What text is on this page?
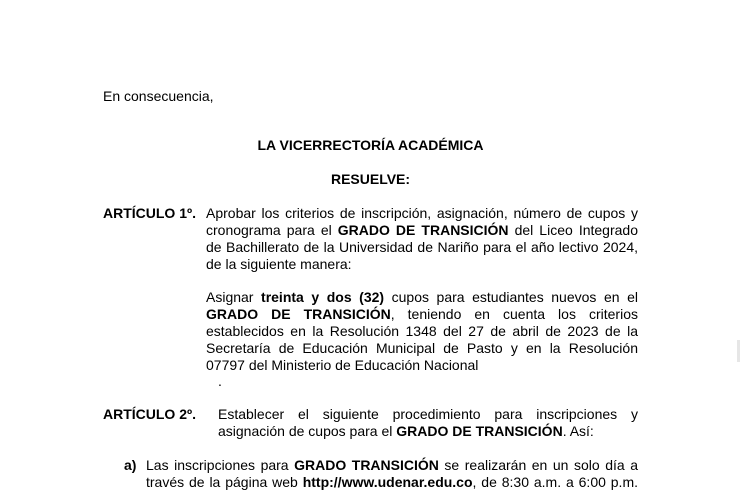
En consecuencia,
LA VICERRECTORÍA ACADÉMICA
RESUELVE:
ARTÍCULO 1º. Aprobar los criterios de inscripción, asignación, número de cupos y
cronograma para el GRADO DE TRANSICIÓN del Liceo Integrado
de Bachillerato de la Universidad de Nariño para el año lectivo 2024,
de la siguiente manera:
Asignar treinta y dos (32) cupos para estudiantes nuevos en el
GRADO DE TRANSICIÓN, teniendo en cuenta los criterios
establecidos en la Resolución 1348 del 27 de abril de 2023 de la
Secretaría de Educación Municipal de Pasto y en la Resolución
07797 del Ministerio de Educación Nacional
.
ARTÍCULO 2º. Establecer el siguiente procedimiento para inscripciones y
asignación de cupos para el GRADO DE TRANSICIÓN. Así:
a) Las inscripciones para GRADO TRANSICIÓN se realizarán en un solo día a
través de la página web http://www.udenar.edu.co, de 8:30 a.m. a 6:00 p.m.
